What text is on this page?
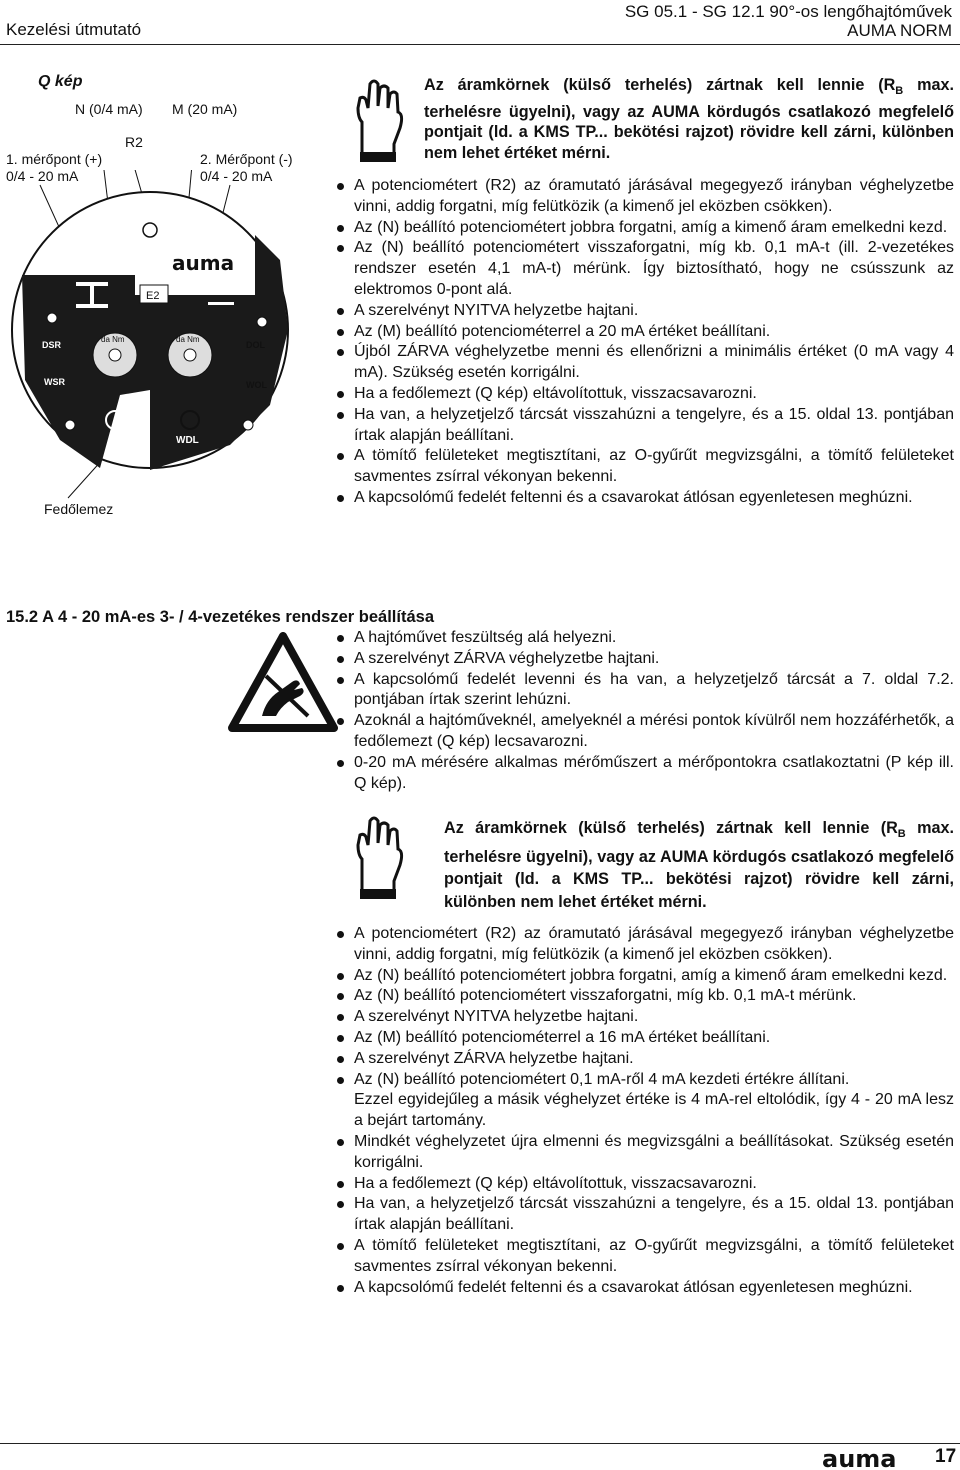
Kezelési útmutató
SG 05.1 - SG 12.1 90°-os lengőhajtóművek
AUMA NORM
Q kép
N (0/4 mA) M (20 mA)
R2
1. mérőpont (+)
0/4 - 20 mA
2. Mérőpont (-)
0/4 - 20 mA
Fedőlemez
auma
0	max.
E2
da Nm	da Nm
DSR	DOL
WSR	WOL
WDR	WDL
Az áramkörnek (külső terhelés) zártnak kell lennie ($R_B$ max. terhelésre ügyelni), vagy az AUMA kördugós csatlakozó megfelelő pontjait (ld. a KMS TP... bekötési rajzot) rövidre kell zárni, különben nem lehet értéket mérni.
A potenciométert (R2) az óramutató járásával megegyező irányban véghelyzetbe vinni, addig forgatni, míg felütközik (a kimenő jel eközben csökken).
Az (N) beállító potenciométert jobbra forgatni, amíg a kimenő áram emelkedni kezd.
Az (N) beállító potenciométert visszaforgatni, míg kb. 0,1 mA-t (ill. 2-vezetékes rendszer esetén 4,1 mA-t) mérünk. Így biztosítható, hogy ne csússzunk az elektromos 0-pont alá.
A szerelvényt NYITVA helyzetbe hajtani.
Az (M) beállító potenciométerrel a 20 mA értéket beállítani.
Újból ZÁRVA véghelyzetbe menni és ellenőrizni a minimális értéket (0 mA vagy 4 mA). Szükség esetén korrigálni.
Ha a fedőlemezt (Q kép) eltávolítottuk, visszacsavarozni.
Ha van, a helyzetjelző tárcsát visszahúzni a tengelyre, és a 15. oldal 13. pontjában írtak alapján beállítani.
A tömítő felületeket megtisztítani, az O-gyűrűt megvizsgálni, a tömítő felületeket savmentes zsírral vékonyan bekenni.
A kapcsolómű fedelét feltenni és a csavarokat átlósan egyenletesen meghúzni.
15.2 A 4 - 20 mA-es 3- / 4-vezetékes rendszer beállítása
A hajtóművet feszültség alá helyezni.
A szerelvényt ZÁRVA véghelyzetbe hajtani.
A kapcsolómű fedelét levenni és ha van, a helyzetjelző tárcsát a 7. oldal 7.2. pontjában írtak szerint lehúzni.
Azoknál a hajtóműveknél, amelyeknél a mérési pontok kívülről nem hozzáférhetők, a fedőlemezt (Q kép) lecsavarozni.
0-20 mA mérésére alkalmas mérőműszert a mérőpontokra csatlakoztatni (P kép ill. Q kép).
Az áramkörnek (külső terhelés) zártnak kell lennie ($R_B$ max. terhelésre ügyelni), vagy az AUMA kördugós csatlakozó megfelelő pontjait (ld. a KMS TP... bekötési rajzot) rövidre kell zárni, különben nem lehet értéket mérni.
A potenciométert (R2) az óramutató járásával megegyező irányban véghelyzetbe vinni, addig forgatni, míg felütközik (a kimenő jel eközben csökken).
Az (N) beállító potenciométert jobbra forgatni, amíg a kimenő áram emelkedni kezd.
Az (N) beállító potenciométert visszaforgatni, míg kb. 0,1 mA-t mérünk.
A szerelvényt NYITVA helyzetbe hajtani.
Az (M) beállító potenciométerrel a 16 mA értéket beállítani.
A szerelvényt ZÁRVA helyzetbe hajtani.
Az (N) beállító potenciométert 0,1 mA-ről 4 mA kezdeti értékre állítani.
Ezzel egyidejűleg a másik véghelyzet értéke is 4 mA-rel eltolódik, így 4 - 20 mA lesz a bejárt tartomány.
Mindkét véghelyzetet újra elmenni és megvizsgálni a beállításokat. Szükség esetén korrigálni.
Ha a fedőlemezt (Q kép) eltávolítottuk, visszacsavarozni.
Ha van, a helyzetjelző tárcsát visszahúzni a tengelyre, és a 15. oldal 13. pontjában írtak alapján beállítani.
A tömítő felületeket megtisztítani, az O-gyűrűt megvizsgálni, a tömítő felületeket savmentes zsírral vékonyan bekenni.
A kapcsolómű fedelét feltenni és a csavarokat átlósan egyenletesen meghúzni.
auma 17
